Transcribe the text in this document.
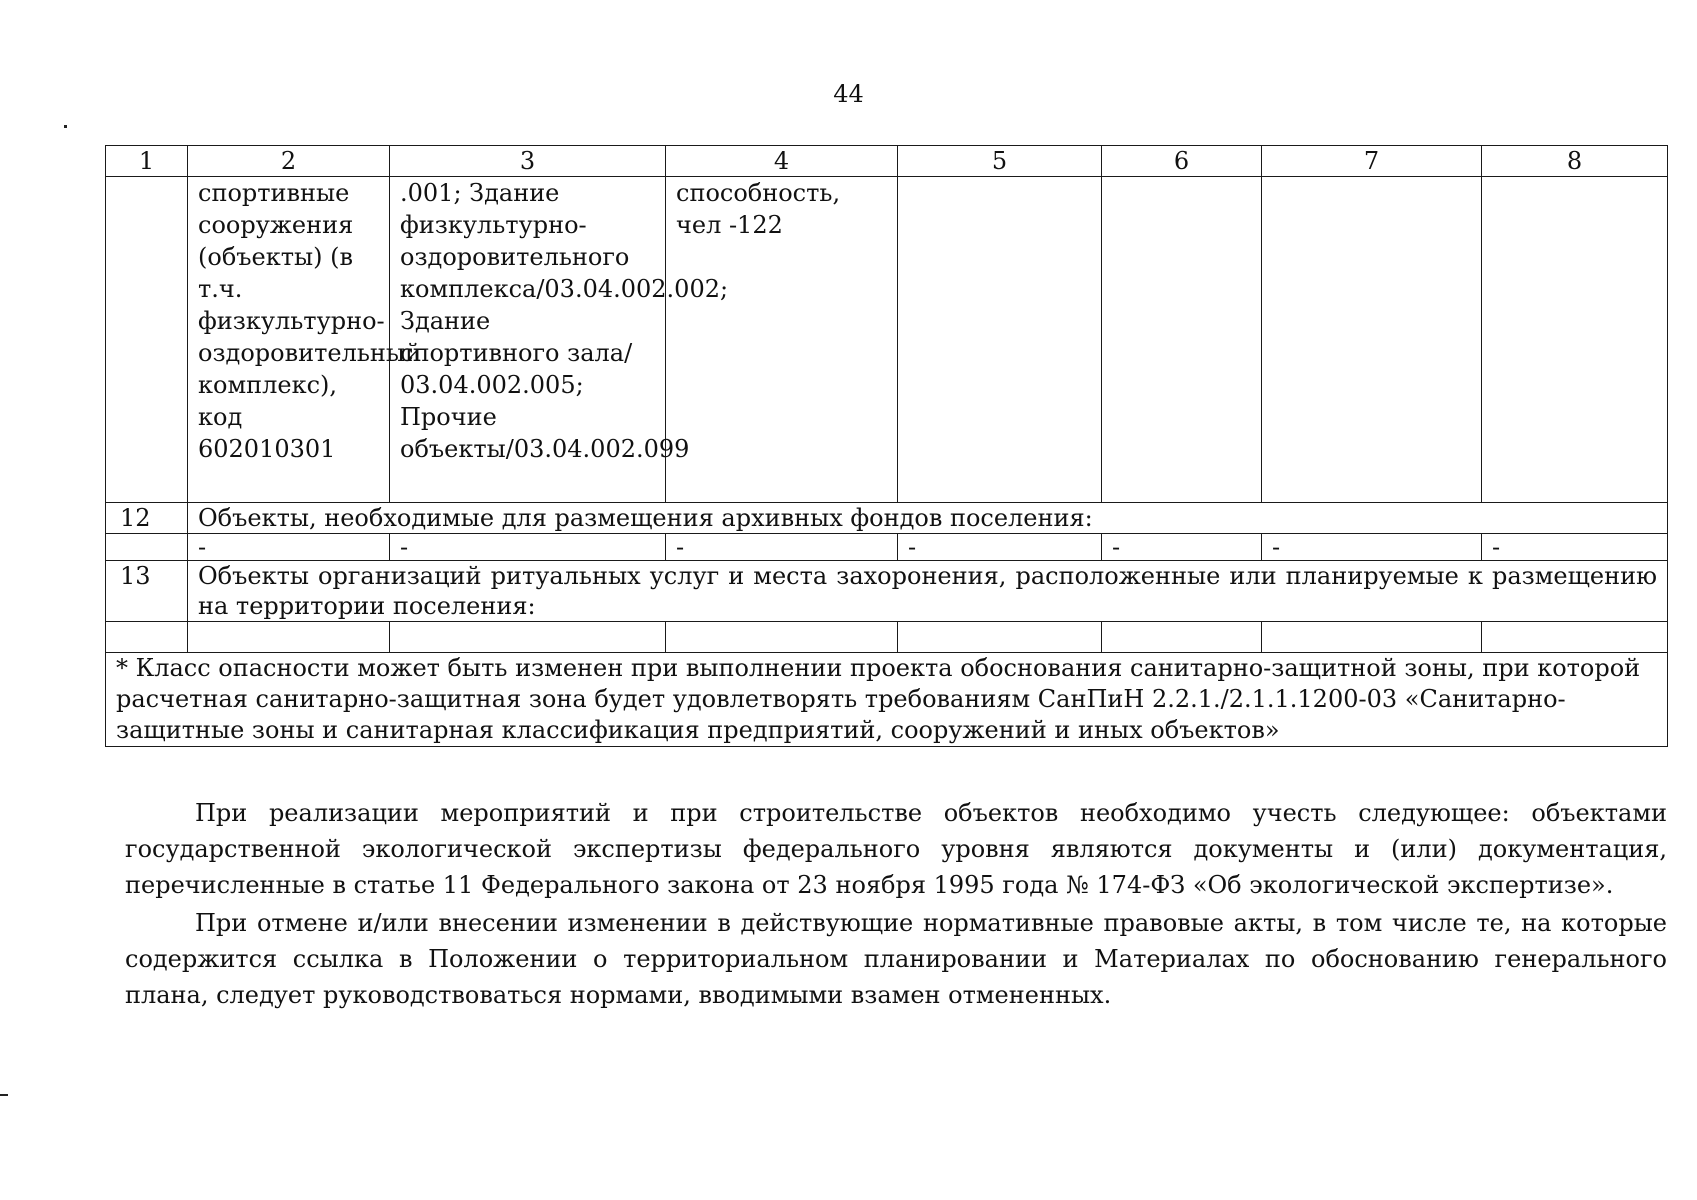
44
1	2	3	4	5	6	7	8
	спортивные сооружения (объекты) (в т.ч. физкультурно-оздоровительный комплекс), код 602010301	.001; Здание физкультурно-оздоровительного комплекса/03.04.002.002; Здание спортивного зала/ 03.04.002.005; Прочие объекты/03.04.002.099	способность, чел -122				
12	Объекты, необходимые для размещения архивных фондов поселения:						
	-	-	-	-	-	-	-
13	Объекты организаций ритуальных услуг и места захоронения, расположенные или планируемые к размещению на территории поселения:						

* Класс опасности может быть изменен при выполнении проекта обоснования санитарно-защитной зоны, при которой расчетная санитарно-защитная зона будет удовлетворять требованиям СанПиН 2.2.1./2.1.1.1200-03 «Санитарно-защитные зоны и санитарная классификация предприятий, сооружений и иных объектов»							

При реализации мероприятий и при строительстве объектов необходимо учесть следующее: объектами государственной экологической экспертизы федерального уровня являются документы и (или) документация, перечисленные в статье 11 Федерального закона от 23 ноября 1995 года № 174-ФЗ «Об экологической экспертизе».

При отмене и/или внесении изменении в действующие нормативные правовые акты, в том числе те, на которые содержится ссылка в Положении о территориальном планировании и Материалах по обоснованию генерального плана, следует руководствоваться нормами, вводимыми взамен отмененных.
